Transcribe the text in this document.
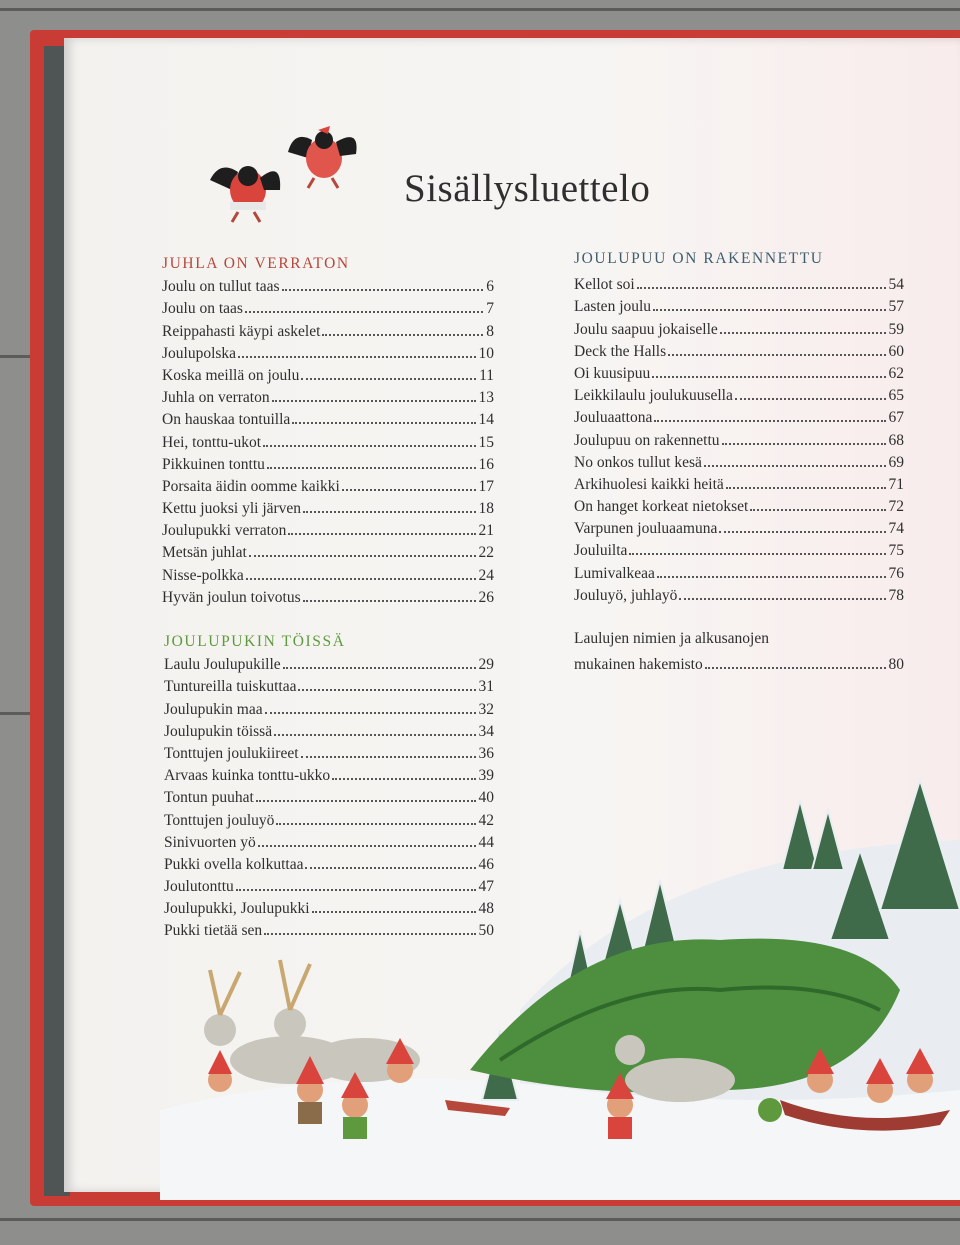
Sisällysluettelo
JUHLA ON VERRATON
Joulu on tullut taas	6
Joulu on taas	7
Reippahasti käypi askelet	8
Joulupolska	10
Koska meillä on joulu	11
Juhla on verraton	13
On hauskaa tontuilla	14
Hei, tonttu-ukot	15
Pikkuinen tonttu	16
Porsaita äidin oomme kaikki	17
Kettu juoksi yli järven	18
Joulupukki verraton	21
Metsän juhlat	22
Nisse-polkka	24
Hyvän joulun toivotus	26
JOULUPUKIN TÖISSÄ
Laulu Joulupukille	29
Tuntureilla tuiskuttaa	31
Joulupukin maa	32
Joulupukin töissä	34
Tonttujen joulukiireet	36
Arvaas kuinka tonttu-ukko	39
Tontun puuhat	40
Tonttujen jouluyö	42
Sinivuorten yö	44
Pukki ovella kolkuttaa	46
Joulutonttu	47
Joulupukki, Joulupukki	48
Pukki tietää sen	50
JOULUPUU ON RAKENNETTU
Kellot soi	54
Lasten joulu	57
Joulu saapuu jokaiselle	59
Deck the Halls	60
Oi kuusipuu	62
Leikkilaulu joulukuusella	65
Jouluaattona	67
Joulupuu on rakennettu	68
No onkos tullut kesä	69
Arkihuolesi kaikki heitä	71
On hanget korkeat nietokset	72
Varpunen jouluaamuna	74
Jouluilta	75
Lumivalkeaa	76
Jouluyö, juhlayö	78
Laulujen nimien ja alkusanojen
mukainen hakemisto	80
